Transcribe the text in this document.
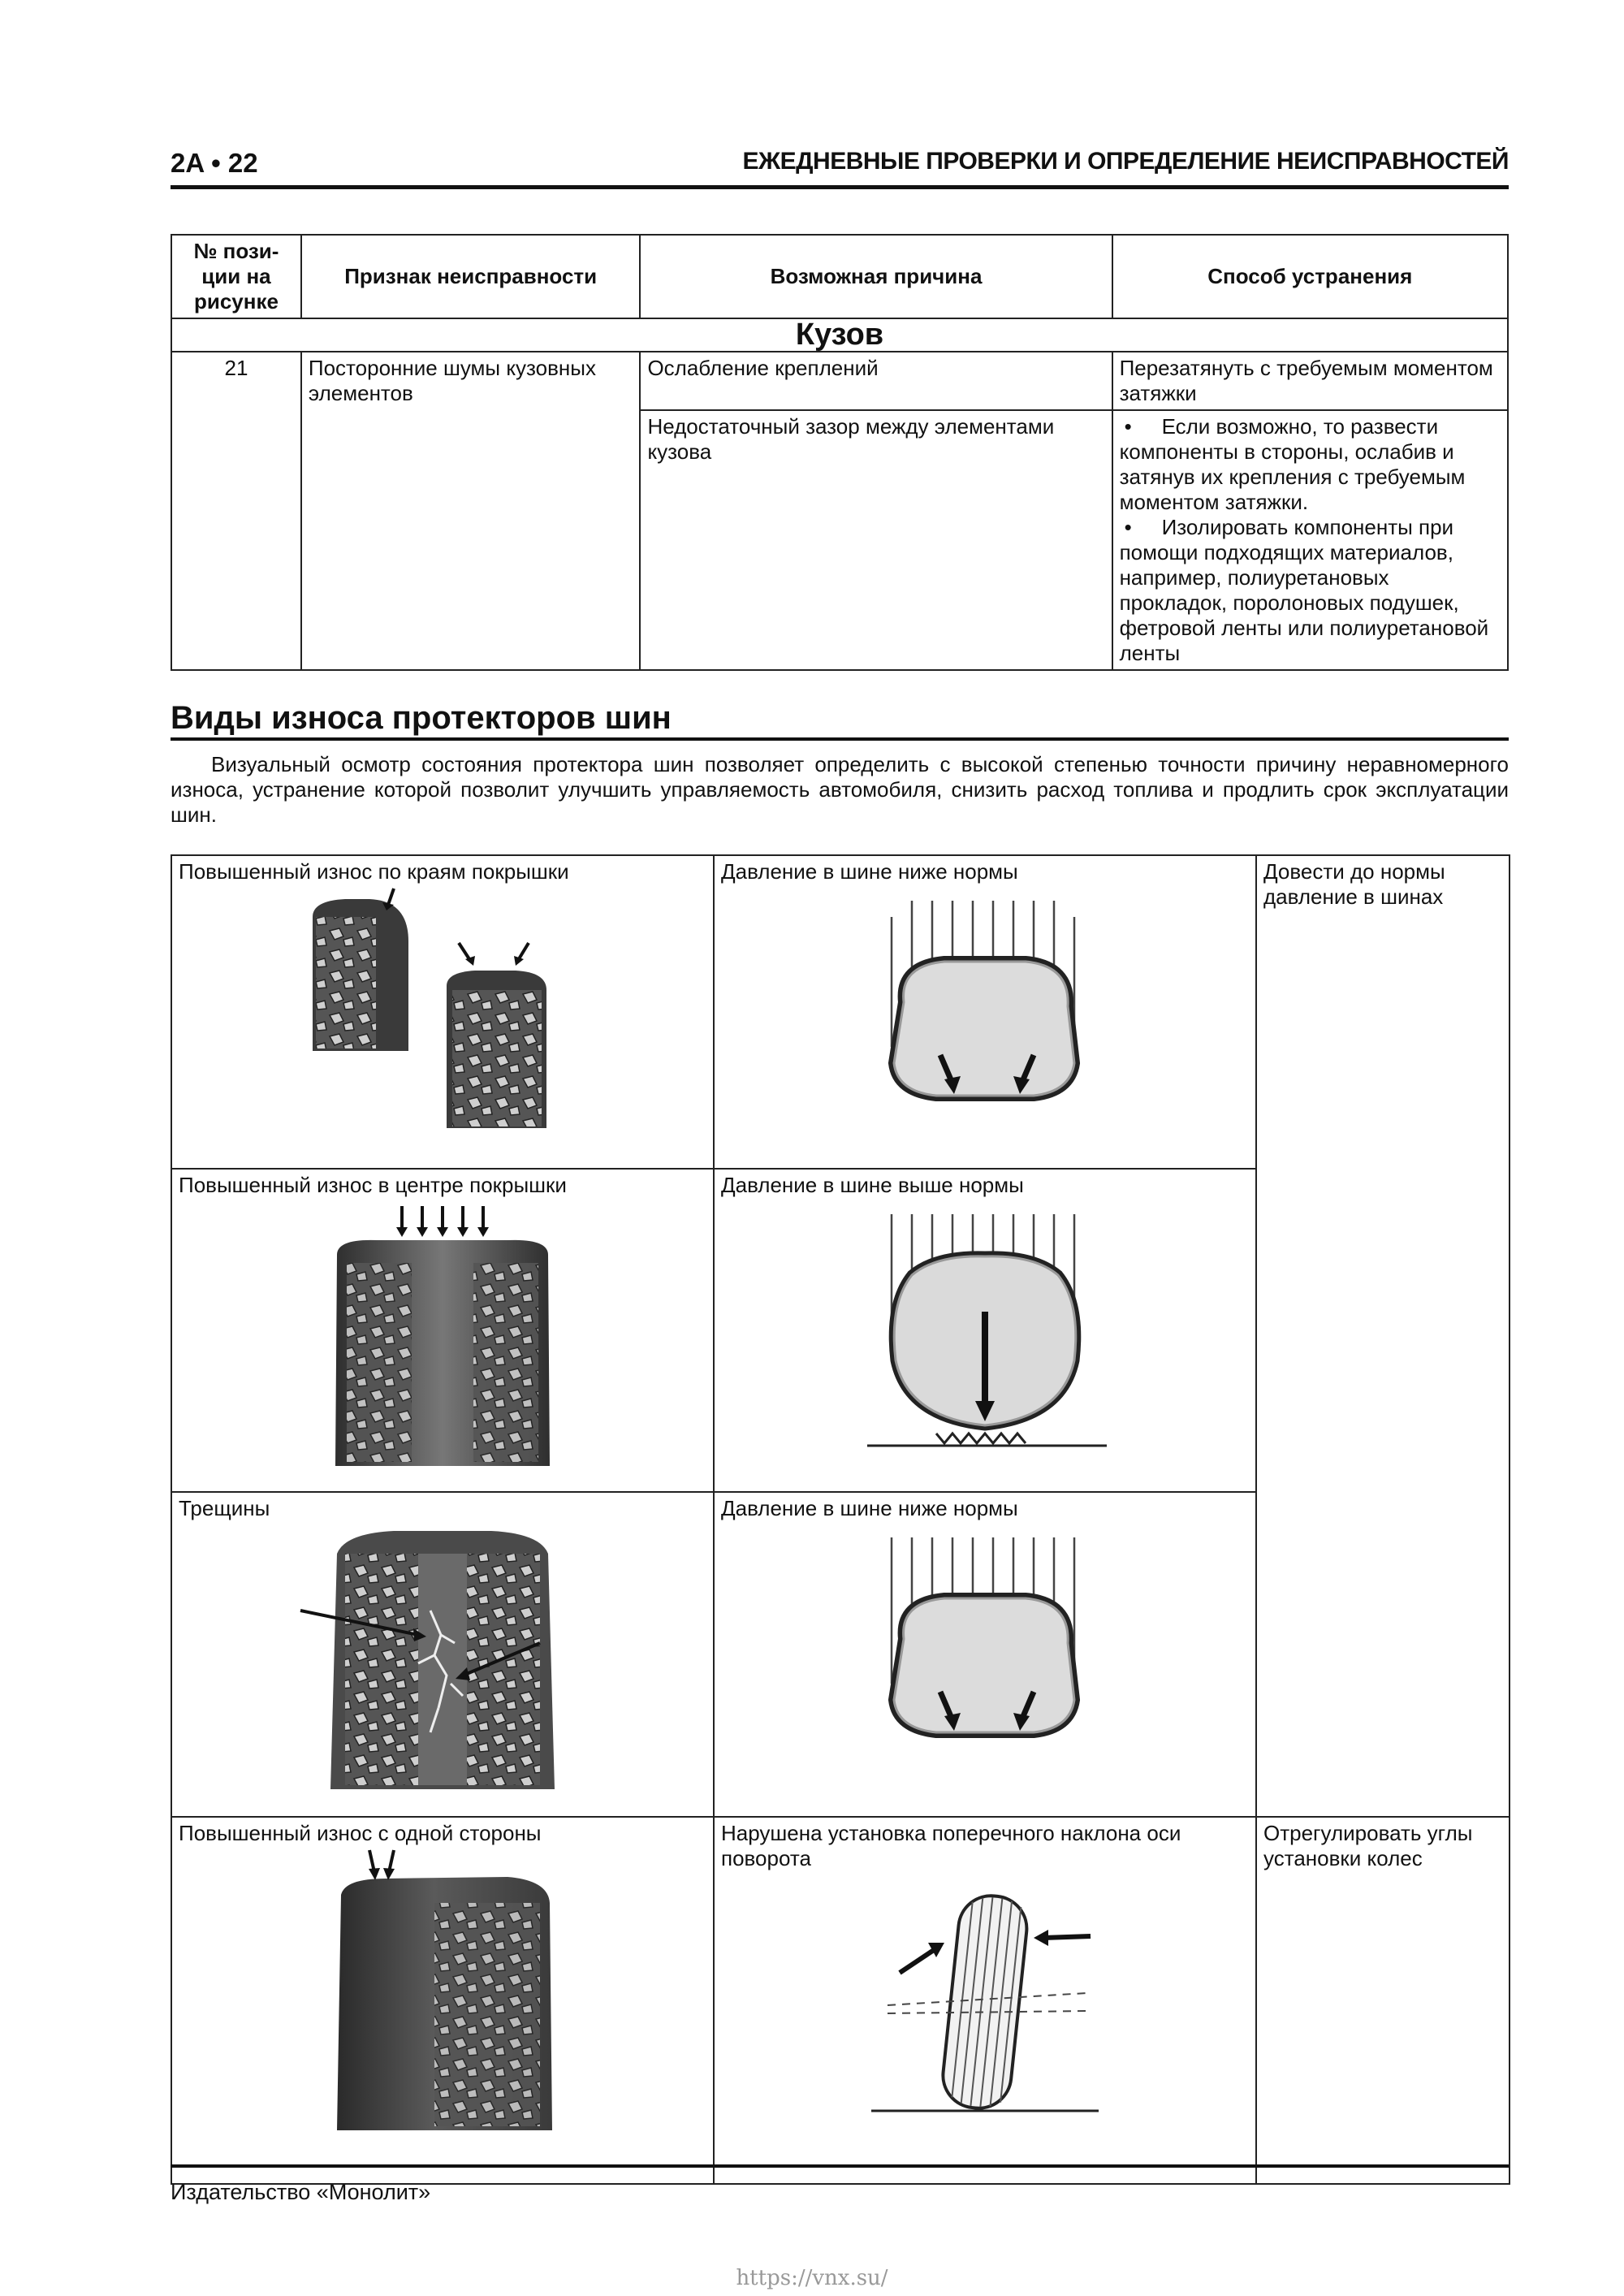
2A • 22	ЕЖЕДНЕВНЫЕ ПРОВЕРКИ И ОПРЕДЕЛЕНИЕ НЕИСПРАВНОСТЕЙ
№ пози-ции на рисунке	Признак неисправности	Возможная причина	Способ устранения
Кузов			
21	Посторонние шумы кузовных элементов	Ослабление креплений	Перезатянуть с требуемым моментом затяжки
		Недостаточный зазор между элементами кузова	• Если возможно, то развести компоненты в стороны, ослабив и затянув их крепления с требуемым моментом затяжки.
• Изолировать компоненты при помощи подходящих материалов, например, полиуретановых прокладок, поролоновых подушек, фетровой ленты или полиуретановой ленты
Виды износа протекторов шин
Визуальный осмотр состояния протектора шин позволяет определить с высокой степенью точности причину неравномерного износа, устранение которой позволит улучшить управляемость автомобиля, снизить расход топлива и продлить срок эксплуатации шин.
Повышенный износ по краям покрышки	Давление в шине ниже нормы	Довести до нормы давление в шинах

Повышенный износ в центре покрышки	Давление в шине выше нормы	

Трещины	Давление в шине ниже нормы	

Повышенный износ с одной стороны	Нарушена установка поперечного наклона оси поворота	Отрегулировать углы установки колес
Издательство «Монолит»
https://vnx.su/
